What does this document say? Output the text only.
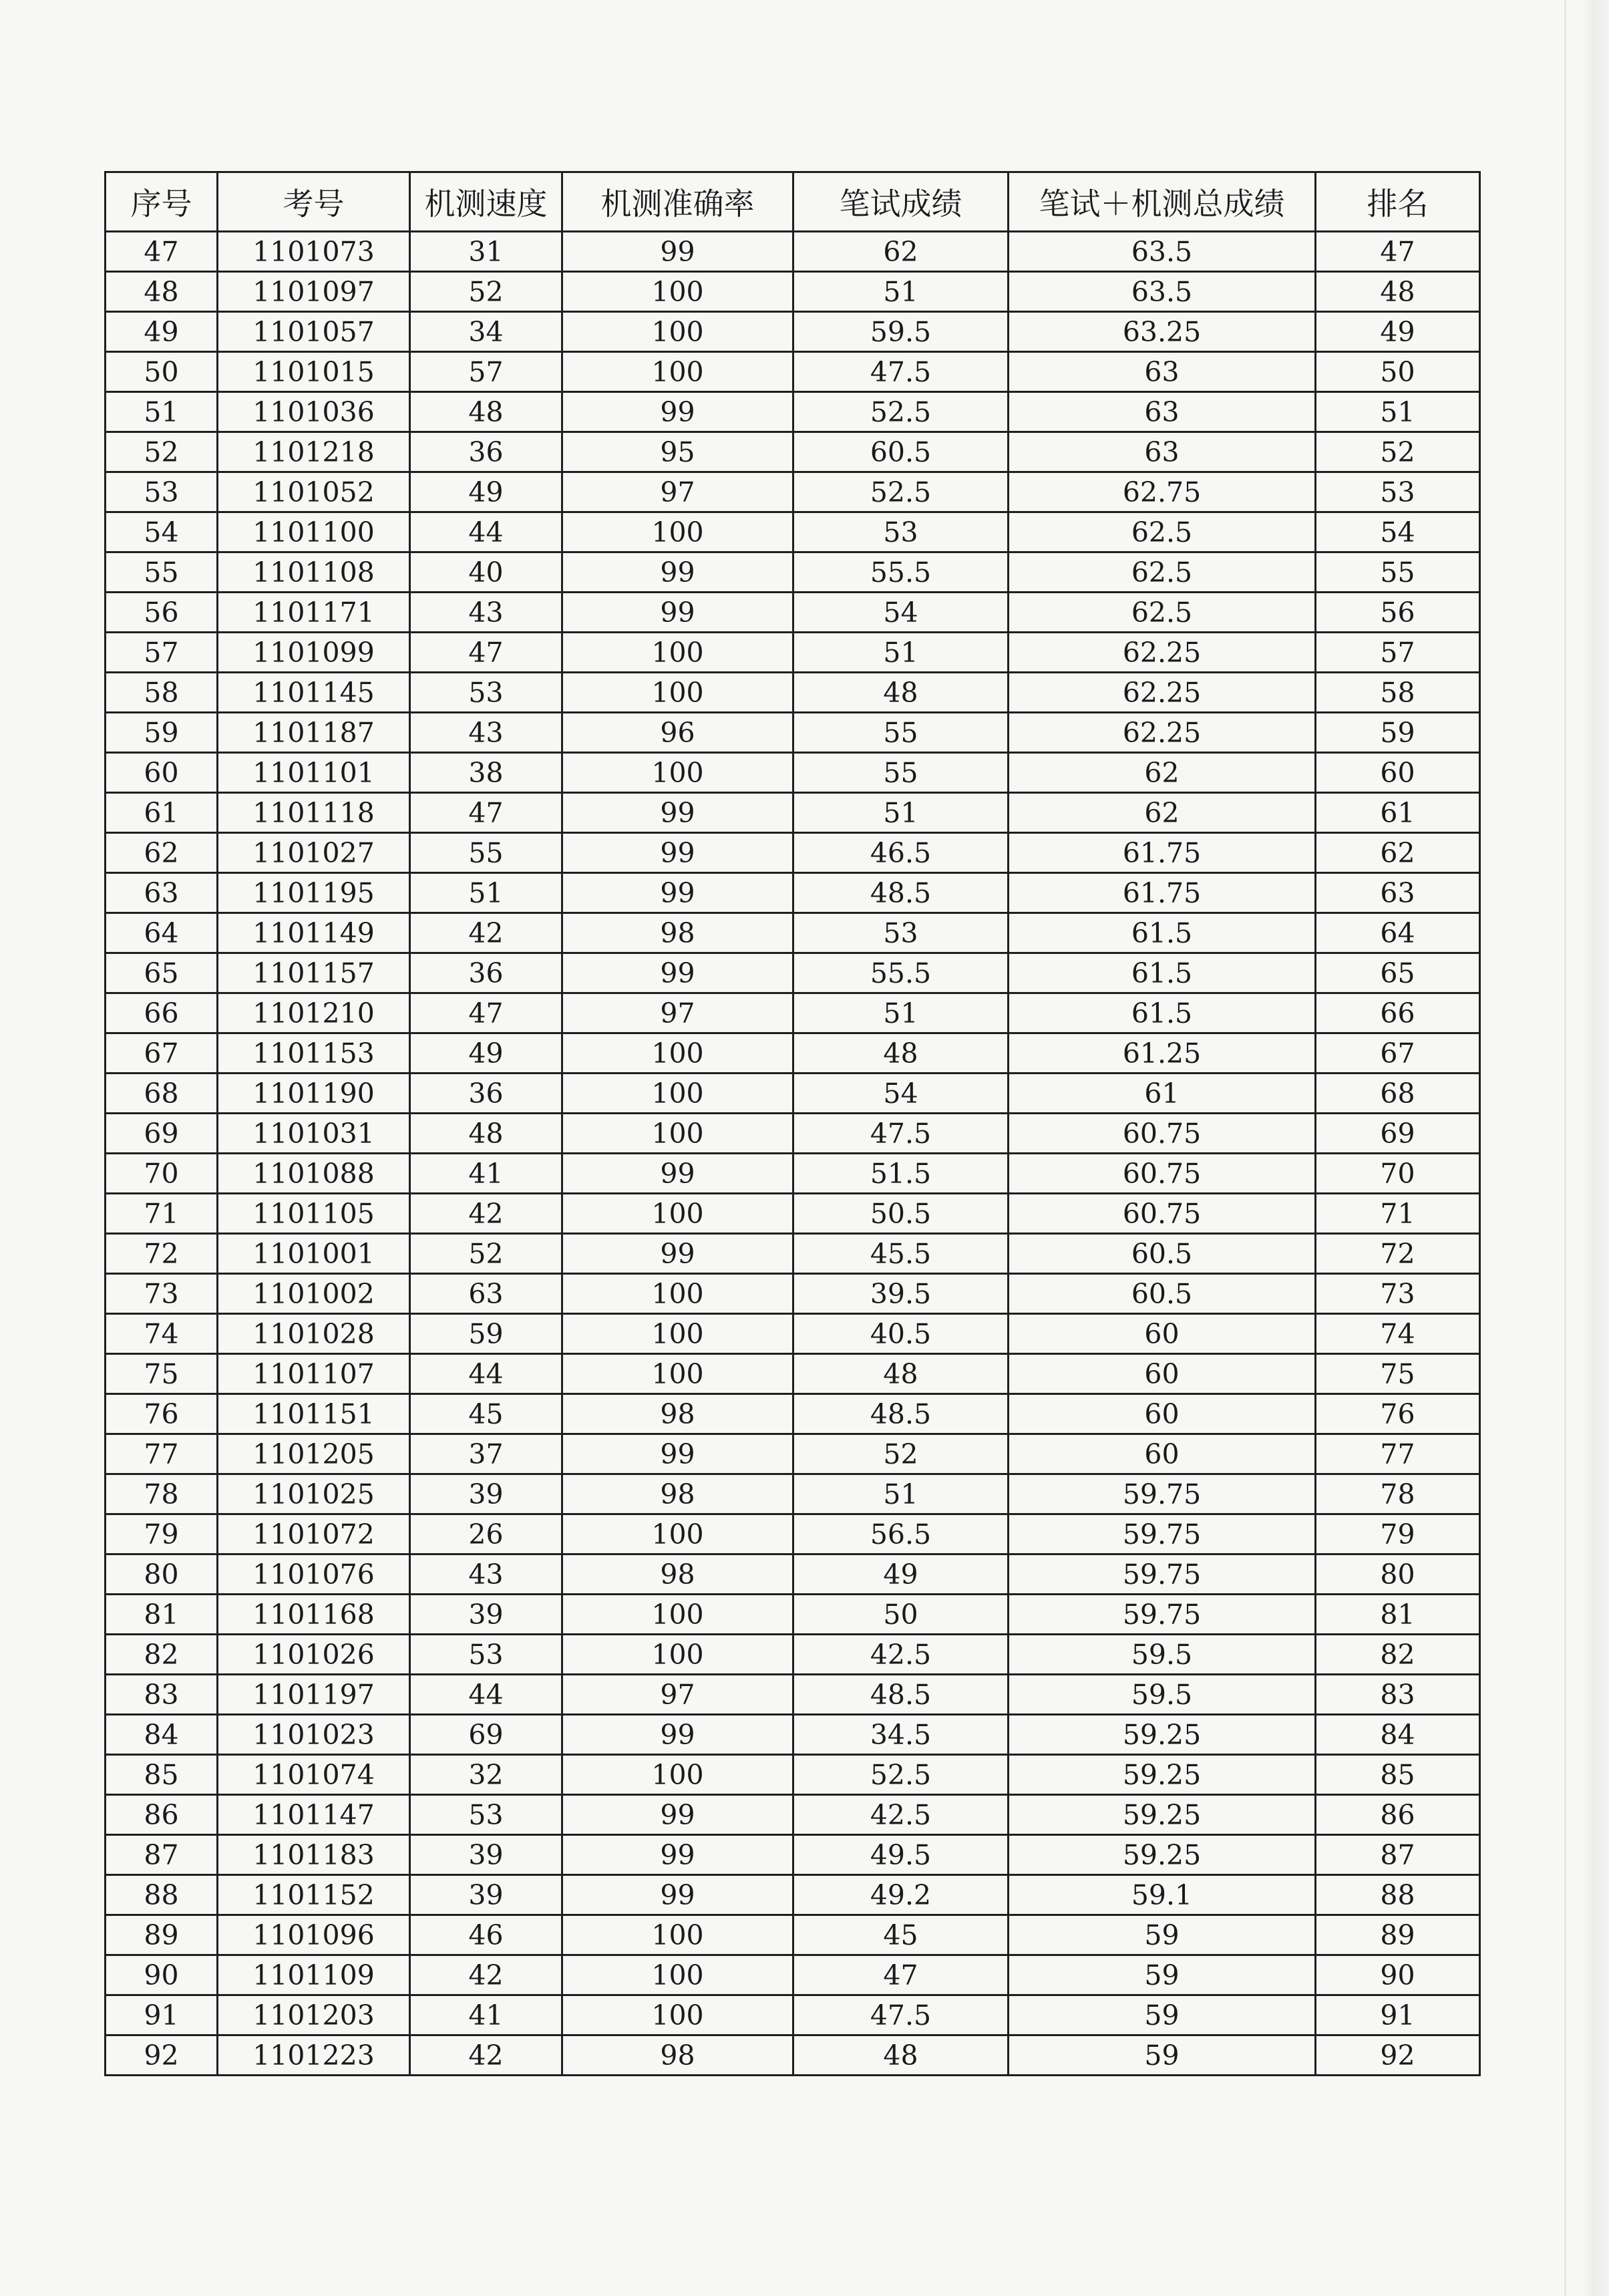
序号	考号	机测速度	机测准确率	笔试成绩	笔试＋机测总成绩	排名
47	1101073	31	99	62	63.5	47
48	1101097	52	100	51	63.5	48
49	1101057	34	100	59.5	63.25	49
50	1101015	57	100	47.5	63	50
51	1101036	48	99	52.5	63	51
52	1101218	36	95	60.5	63	52
53	1101052	49	97	52.5	62.75	53
54	1101100	44	100	53	62.5	54
55	1101108	40	99	55.5	62.5	55
56	1101171	43	99	54	62.5	56
57	1101099	47	100	51	62.25	57
58	1101145	53	100	48	62.25	58
59	1101187	43	96	55	62.25	59
60	1101101	38	100	55	62	60
61	1101118	47	99	51	62	61
62	1101027	55	99	46.5	61.75	62
63	1101195	51	99	48.5	61.75	63
64	1101149	42	98	53	61.5	64
65	1101157	36	99	55.5	61.5	65
66	1101210	47	97	51	61.5	66
67	1101153	49	100	48	61.25	67
68	1101190	36	100	54	61	68
69	1101031	48	100	47.5	60.75	69
70	1101088	41	99	51.5	60.75	70
71	1101105	42	100	50.5	60.75	71
72	1101001	52	99	45.5	60.5	72
73	1101002	63	100	39.5	60.5	73
74	1101028	59	100	40.5	60	74
75	1101107	44	100	48	60	75
76	1101151	45	98	48.5	60	76
77	1101205	37	99	52	60	77
78	1101025	39	98	51	59.75	78
79	1101072	26	100	56.5	59.75	79
80	1101076	43	98	49	59.75	80
81	1101168	39	100	50	59.75	81
82	1101026	53	100	42.5	59.5	82
83	1101197	44	97	48.5	59.5	83
84	1101023	69	99	34.5	59.25	84
85	1101074	32	100	52.5	59.25	85
86	1101147	53	99	42.5	59.25	86
87	1101183	39	99	49.5	59.25	87
88	1101152	39	99	49.2	59.1	88
89	1101096	46	100	45	59	89
90	1101109	42	100	47	59	90
91	1101203	41	100	47.5	59	91
92	1101223	42	98	48	59	92
